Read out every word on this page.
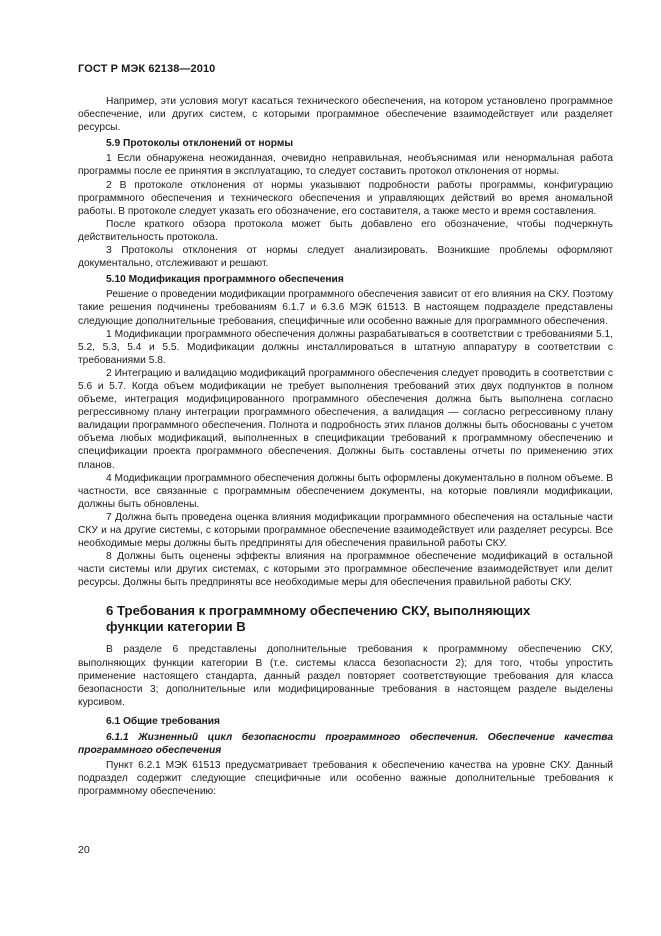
ГОСТ Р МЭК 62138—2010

Например, эти условия могут касаться технического обеспечения, на котором установлено программное обеспечение, или других систем, с которыми программное обеспечение взаимодействует или разделяет ресурсы.

5.9 Протоколы отклонений от нормы

1 Если обнаружена неожиданная, очевидно неправильная, необъяснимая или ненормальная работа программы после ее принятия в эксплуатацию, то следует составить протокол отклонения от нормы.

2 В протоколе отклонения от нормы указывают подробности работы программы, конфигурацию программного обеспечения и технического обеспечения и управляющих действий во время аномальной работы. В протоколе следует указать его обозначение, его составителя, а также место и время составления.

После краткого обзора протокола может быть добавлено его обозначение, чтобы подчеркнуть действительность протокола.

3 Протоколы отклонения от нормы следует анализировать. Возникшие проблемы оформляют документально, отслеживают и решают.

5.10 Модификация программного обеспечения

Решение о проведении модификации программного обеспечения зависит от его влияния на СКУ. Поэтому такие решения подчинены требованиям 6.1.7 и 6.3.6 МЭК 61513. В настоящем подразделе представлены следующие дополнительные требования, специфичные или особенно важные для программного обеспечения.

1 Модификации программного обеспечения должны разрабатываться в соответствии с требованиями 5.1, 5.2, 5.3, 5.4 и 5.5. Модификации должны инсталлироваться в штатную аппаратуру в соответствии с требованиями 5.8.

2 Интеграцию и валидацию модификаций программного обеспечения следует проводить в соответствии с 5.6 и 5.7. Когда объем модификации не требует выполнения требований этих двух подпунктов в полном объеме, интеграция модифицированного программного обеспечения должна быть выполнена согласно регрессивному плану интеграции программного обеспечения, а валидация — согласно регрессивному плану валидации программного обеспечения. Полнота и подробность этих планов должны быть обоснованы с учетом объема любых модификаций, выполненных в спецификации требований к программному обеспечению и спецификации проекта программного обеспечения. Должны быть составлены отчеты по применению этих планов.

4 Модификации программного обеспечения должны быть оформлены документально в полном объеме. В частности, все связанные с программным обеспечением документы, на которые повлияли модификации, должны быть обновлены.

7 Должна быть проведена оценка влияния модификации программного обеспечения на остальные части СКУ и на другие системы, с которыми программное обеспечение взаимодействует или разделяет ресурсы. Все необходимые меры должны быть предприняты для обеспечения правильной работы СКУ.

8 Должны быть оценены эффекты влияния на программное обеспечение модификаций в остальной части системы или других системах, с которыми это программное обеспечение взаимодействует или делит ресурсы. Должны быть предприняты все необходимые меры для обеспечения правильной работы СКУ.

6 Требования к программному обеспечению СКУ, выполняющих
функции категории В

В разделе 6 представлены дополнительные требования к программному обеспечению СКУ, выполняющих функции категории В (т.е. системы класса безопасности 2); для того, чтобы упростить применение настоящего стандарта, данный раздел повторяет соответствующие требования для класса безопасности 3; дополнительные или модифицированные требования в настоящем разделе выделены курсивом.

6.1 Общие требования

6.1.1 Жизненный цикл безопасности программного обеспечения. Обеспечение качества программного обеспечения

Пункт 6.2.1 МЭК 61513 предусматривает требования к обеспечению качества на уровне СКУ. Данный подраздел содержит следующие специфичные или особенно важные дополнительные требования к программному обеспечению:

20
